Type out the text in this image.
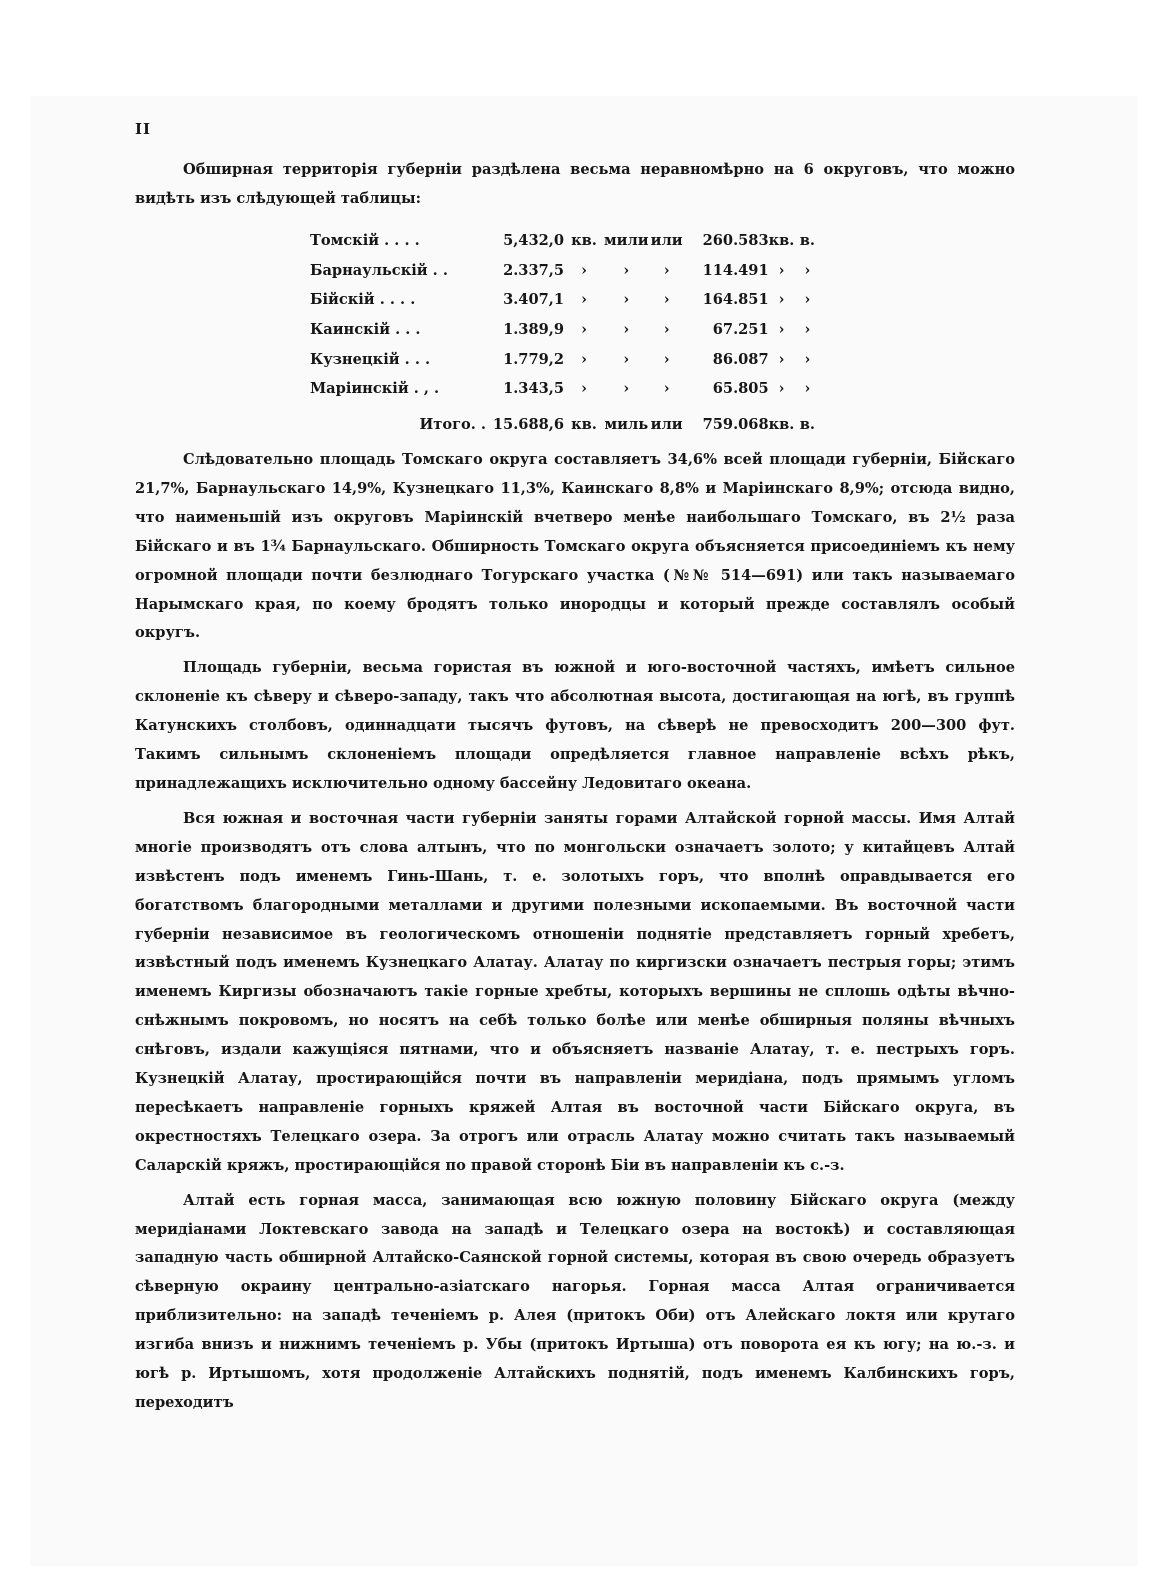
II

Обширная территорія губерніи раздѣлена весьма неравномѣрно на 6 округовъ, что можно видѣть изъ слѣдующей таблицы:

Томскій . . . .	5,432,0	кв.	мили	или	260.583	кв.	в.
Барнаульскій . .	2.337,5	›	›	›	114.491	›	›
Бійскій . . . .	3.407,1	›	›	›	164.851	›	›
Каинскій . . .	1.389,9	›	›	›	67.251	›	›
Кузнецкій . . .	1.779,2	›	›	›	86.087	›	›
Маріинскій . , .	1.343,5	›	›	›	65.805	›	›
Итого. .	15.688,6	кв.	миль	или	759.068	кв.	в.

Слѣдовательно площадь Томскаго округа составляетъ 34,6% всей площади губерніи, Бійскаго 21,7%, Барнаульскаго 14,9%, Кузнецкаго 11,3%, Каинскаго 8,8% и Маріинскаго 8,9%; отсюда видно, что наименьшій изъ округовъ Маріинскій вчетверо менѣе наибольшаго Томскаго, въ 2½ раза Бійскаго и въ 1¾ Барнаульскаго. Обширность Томскаго округа объясняется присоединіемъ къ нему огромной площади почти безлюднаго Тогурскаго участка (№№ 514—691) или такъ называемаго Нарымскаго края, по коему бродятъ только инородцы и который прежде составлялъ особый округъ.

Площадь губерніи, весьма гористая въ южной и юго-восточной частяхъ, имѣетъ сильное склоненіе къ сѣверу и сѣверо-западу, такъ что абсолютная высота, достигающая на югѣ, въ группѣ Катунскихъ столбовъ, одиннадцати тысячъ футовъ, на сѣверѣ не превосходитъ 200—300 фут. Такимъ сильнымъ склоненіемъ площади опредѣляется главное направленіе всѣхъ рѣкъ, принадлежащихъ исключительно одному бассейну Ледовитаго океана.

Вся южная и восточная части губерніи заняты горами Алтайской горной массы. Имя Алтай многіе производятъ отъ слова алтынъ, что по монгольски означаетъ золото; у китайцевъ Алтай извѣстенъ подъ именемъ Гинь-Шань, т. е. золотыхъ горъ, что вполнѣ оправдывается его богатствомъ благородными металлами и другими полезными ископаемыми. Въ восточной части губерніи независимое въ геологическомъ отношеніи поднятіе представляетъ горный хребетъ, извѣстный подъ именемъ Кузнецкаго Алатау. Алатау по киргизски означаетъ пестрыя горы; этимъ именемъ Киргизы обозначаютъ такіе горные хребты, которыхъ вершины не сплошь одѣты вѣчно-снѣжнымъ покровомъ, но носятъ на себѣ только болѣе или менѣе обширныя поляны вѣчныхъ снѣговъ, издали кажущіяся пятнами, что и объясняетъ названіе Алатау, т. е. пестрыхъ горъ. Кузнецкій Алатау, простирающійся почти въ направленіи меридіана, подъ прямымъ угломъ пересѣкаетъ направленіе горныхъ кряжей Алтая въ восточной части Бійскаго округа, въ окрестностяхъ Телецкаго озера. За отрогъ или отрасль Алатау можно считать такъ называемый Саларскій кряжъ, простирающійся по правой сторонѣ Біи въ направленіи къ с.-з.

Алтай есть горная масса, занимающая всю южную половину Бійскаго округа (между меридіанами Локтевскаго завода на западѣ и Телецкаго озера на востокѣ) и составляющая западную часть обширной Алтайско-Саянской горной системы, которая въ свою очередь образуетъ сѣверную окраину центрально-азіатскаго нагорья. Горная масса Алтая ограничивается приблизительно: на западѣ теченіемъ р. Алея (притокъ Оби) отъ Алейскаго локтя или крутаго изгиба внизъ и нижнимъ теченіемъ р. Убы (притокъ Иртыша) отъ поворота ея къ югу; на ю.-з. и югѣ р. Иртышомъ, хотя продолженіе Алтайскихъ поднятій, подъ именемъ Калбинскихъ горъ, переходитъ
